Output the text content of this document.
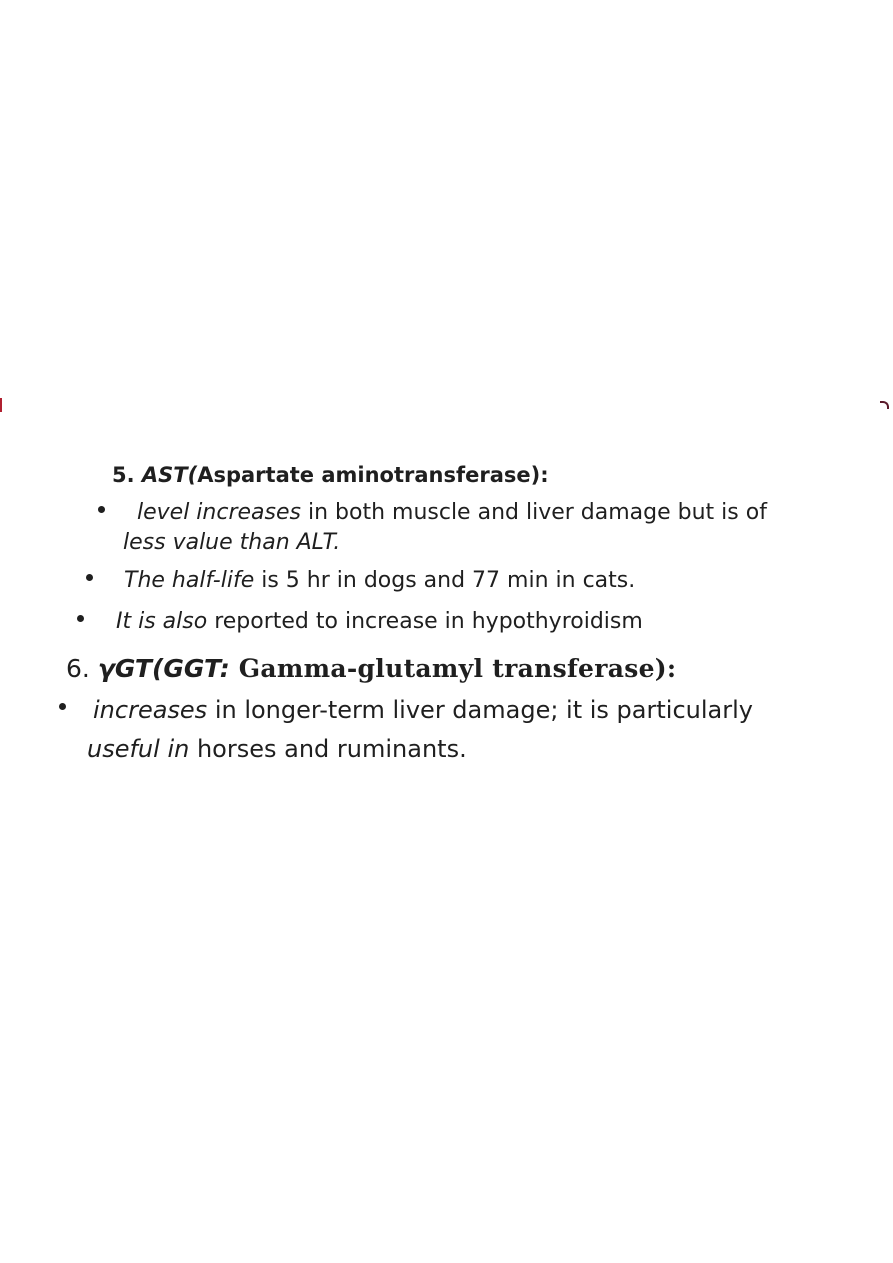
5. AST(Aspartate aminotransferase):
level increases in both muscle and liver damage but is of
less value than ALT.
The half-life is 5 hr in dogs and 77 min in cats.
It is also reported to increase in hypothyroidism
6. γGT(GGT: Gamma-glutamyl transferase):
increases in longer-term liver damage; it is particularly
useful in horses and ruminants.
